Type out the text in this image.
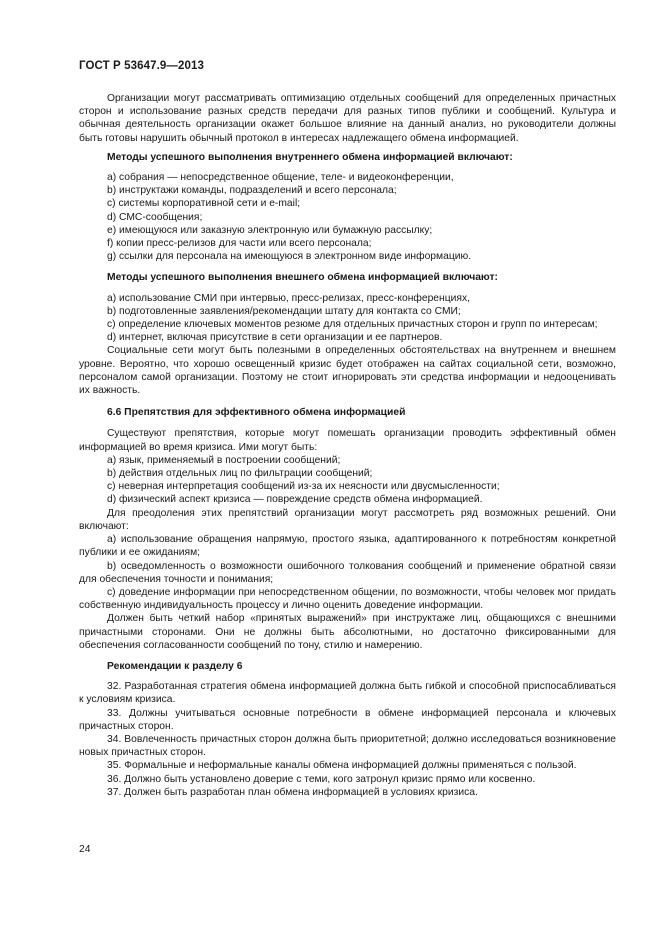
ГОСТ Р 53647.9—2013

Организации могут рассматривать оптимизацию отдельных сообщений для определенных причастных сторон и использование разных средств передачи для разных типов публики и сообщений. Культура и обычная деятельность организации окажет большое влияние на данный анализ, но руководители должны быть готовы нарушить обычный протокол в интересах надлежащего обмена информацией.

Методы успешного выполнения внутреннего обмена информацией включают:

а) собрания — непосредственное общение, теле- и видеоконференции,

b) инструктажи команды, подразделений и всего персонала;

c) системы корпоративной сети и e-mail;

d) СМС-сообщения;

e) имеющуюся или заказную электронную или бумажную рассылку;

f) копии пресс-релизов для части или всего персонала;

g) ссылки для персонала на имеющуюся в электронном виде информацию.

Методы успешного выполнения внешнего обмена информацией включают:

а) использование СМИ при интервью, пресс-релизах, пресс-конференциях,

b) подготовленные заявления/рекомендации штату для контакта со СМИ;

c) определение ключевых моментов резюме для отдельных причастных сторон и групп по интересам;

d) интернет, включая присутствие в сети организации и ее партнеров.

Социальные сети могут быть полезными в определенных обстоятельствах на внутреннем и внешнем уровне. Вероятно, что хорошо освещенный кризис будет отображен на сайтах социальной сети, возможно, персоналом самой организации. Поэтому не стоит игнорировать эти средства информации и недооценивать их важность.

6.6 Препятствия для эффективного обмена информацией

Существуют препятствия, которые могут помешать организации проводить эффективный обмен информацией во время кризиса. Ими могут быть:

а) язык, применяемый в построении сообщений;

b) действия отдельных лиц по фильтрации сообщений;

c) неверная интерпретация сообщений из-за их неясности или двусмысленности;

d) физический аспект кризиса — повреждение средств обмена информацией.

Для преодоления этих препятствий организации могут рассмотреть ряд возможных решений. Они включают:

а) использование обращения напрямую, простого языка, адаптированного к потребностям конкретной публики и ее ожиданиям;

b) осведомленность о возможности ошибочного толкования сообщений и применение обратной связи для обеспечения точности и понимания;

c) доведение информации при непосредственном общении, по возможности, чтобы человек мог придать собственную индивидуальность процессу и лично оценить доведение информации.

Должен быть четкий набор «принятых выражений» при инструктаже лиц, общающихся с внешними причастными сторонами. Они не должны быть абсолютными, но достаточно фиксированными для обеспечения согласованности сообщений по тону, стилю и намерению.

Рекомендации к разделу 6

32. Разработанная стратегия обмена информацией должна быть гибкой и способной приспосабливаться к условиям кризиса.

33. Должны учитываться основные потребности в обмене информацией персонала и ключевых причастных сторон.

34. Вовлеченность причастных сторон должна быть приоритетной; должно исследоваться возникновение новых причастных сторон.

35. Формальные и неформальные каналы обмена информацией должны применяться с пользой.

36. Должно быть установлено доверие с теми, кого затронул кризис прямо или косвенно.

37. Должен быть разработан план обмена информацией в условиях кризиса.

24
